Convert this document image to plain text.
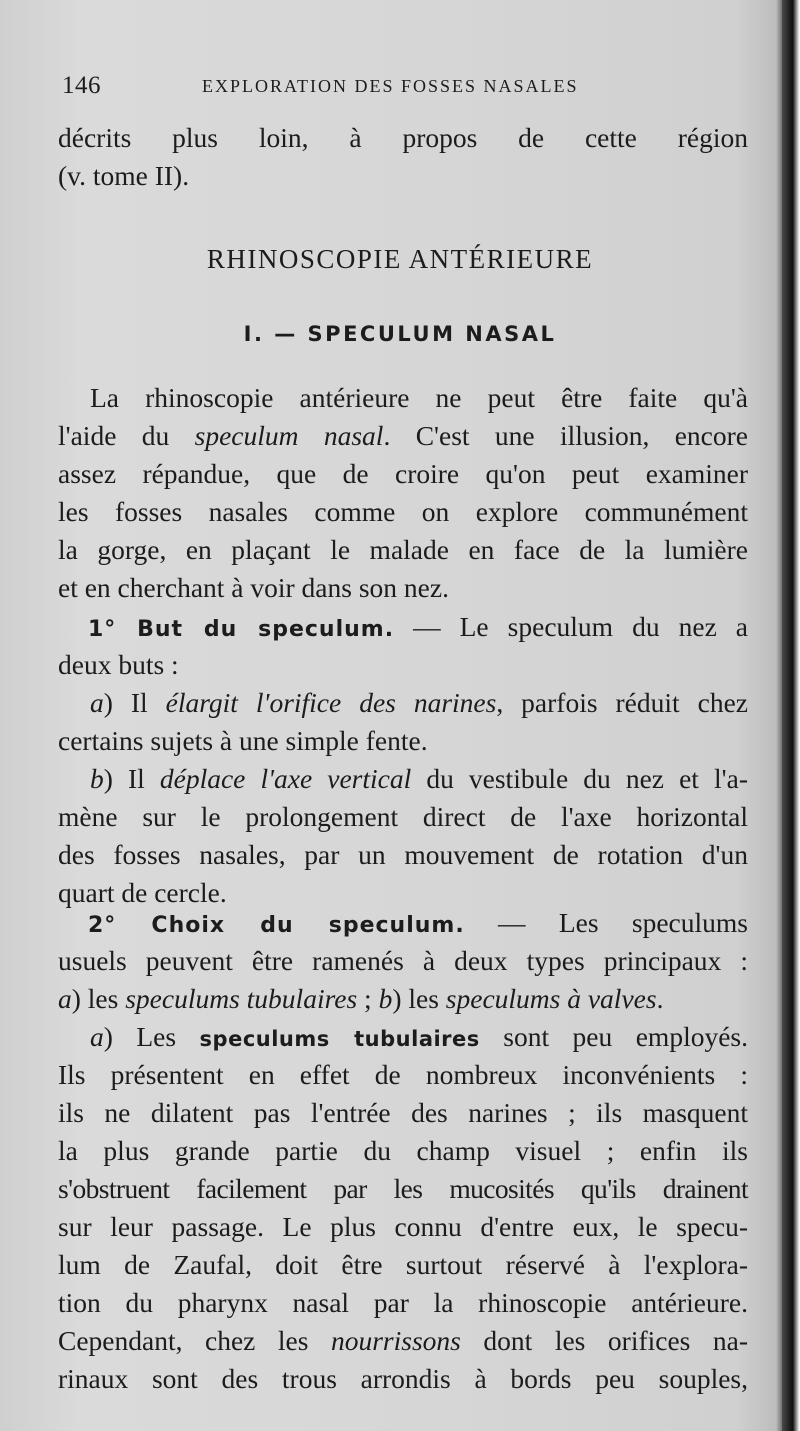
146	EXPLORATION DES FOSSES NASALES
décrits plus loin, à propos de cette région
(v. tome II).
RHINOSCOPIE ANTÉRIEURE
I. — SPECULUM NASAL
La rhinoscopie antérieure ne peut être faite qu'à
l'aide du speculum nasal. C'est une illusion, encore
assez répandue, que de croire qu'on peut examiner
les fosses nasales comme on explore communément
la gorge, en plaçant le malade en face de la lumière
et en cherchant à voir dans son nez.
1° But du speculum. — Le speculum du nez a
deux buts :
a) Il élargit l'orifice des narines, parfois réduit chez
certains sujets à une simple fente.
b) Il déplace l'axe vertical du vestibule du nez et l'a-
mène sur le prolongement direct de l'axe horizontal
des fosses nasales, par un mouvement de rotation d'un
quart de cercle.
2° Choix du speculum. — Les speculums
usuels peuvent être ramenés à deux types principaux :
a) les speculums tubulaires ; b) les speculums à valves.
a) Les speculums tubulaires sont peu employés.
Ils présentent en effet de nombreux inconvénients :
ils ne dilatent pas l'entrée des narines ; ils masquent
la plus grande partie du champ visuel ; enfin ils
s'obstruent facilement par les mucosités qu'ils drainent
sur leur passage. Le plus connu d'entre eux, le specu-
lum de Zaufal, doit être surtout réservé à l'explora-
tion du pharynx nasal par la rhinoscopie antérieure.
Cependant, chez les nourrissons dont les orifices na-
rinaux sont des trous arrondis à bords peu souples,
